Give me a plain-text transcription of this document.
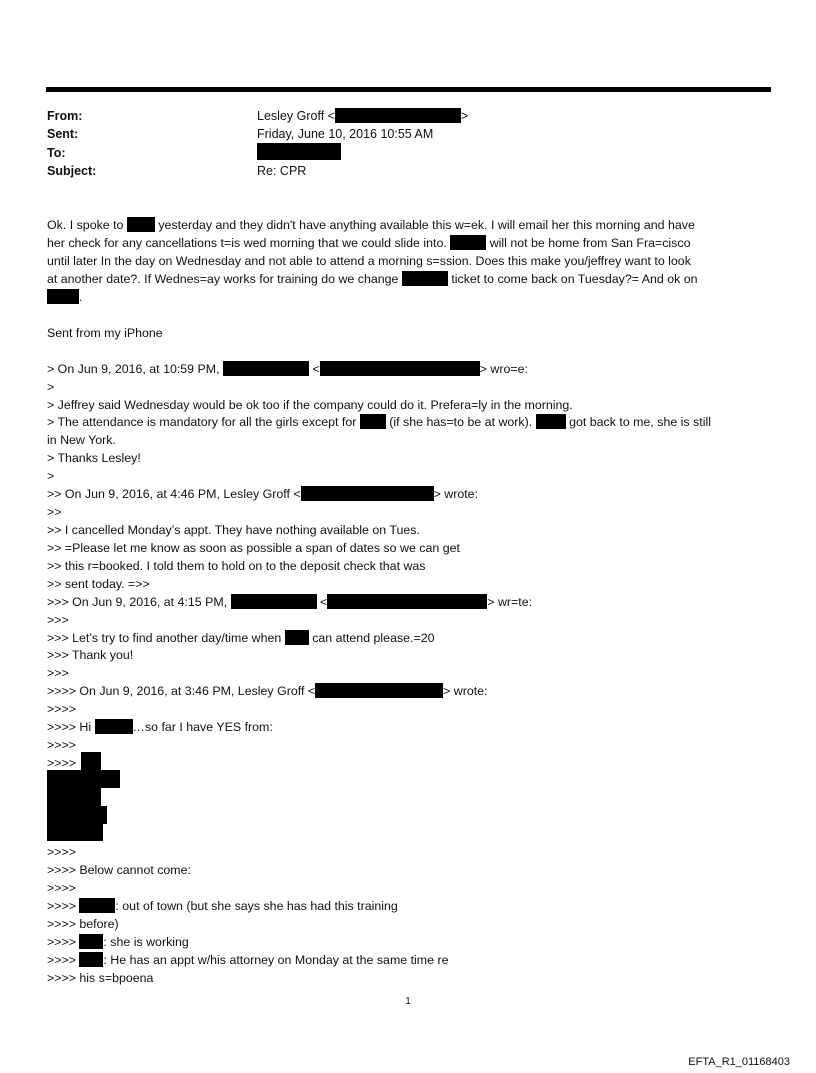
From:	Lesley Groff <	>
Sent:	Friday, June 10, 2016 10:55 AM
To:
Subject:	Re: CPR
Ok. I spoke to	yesterday and they didn't have anything available this w=ek. I will email her this morning and have
her check for any cancellations t=is wed morning that we could slide into.	will not be home from San Fra=cisco
until later In the day on Wednesday and not able to attend a morning s=ssion. Does this make you/jeffrey want to look
at another date?. If Wednes=ay works for training do we change	ticket to come back on Tuesday?= And ok on
.
Sent from my iPhone
> On Jun 9, 2016, at 10:59 PM,	<	> wro=e:
>
> Jeffrey said Wednesday would be ok too if the company could do it. Prefera=ly in the morning.
> The attendance is mandatory for all the girls except for	(if she has=to be at work).	got back to me, she is still
in New York.
> Thanks Lesley!
>
>> On Jun 9, 2016, at 4:46 PM, Lesley Groff <	> wrote:
>>
>> I cancelled Monday’s appt. They have nothing available on Tues.
>> =Please let me know as soon as possible a span of dates so we can get
>> this r=booked. I told them to hold on to the deposit check that was
>> sent today. =>>
>>> On Jun 9, 2016, at 4:15 PM,	<	> wr=te:
>>>
>>> Let’s try to find another day/time when can attend please.=20
>>> Thank you!
>>>
>>>> On Jun 9, 2016, at 3:46 PM, Lesley Groff <	> wrote:
>>>>
>>>> Hi	…so far I have YES from:
>>>>
>>>>
>>>>
>>>> Below cannot come:
>>>>
>>>>	: out of town (but she says she has had this training
>>>> before)
>>>> : she is working
>>>> : He has an appt w/his attorney on Monday at the same time re
>>>> his s=bpoena
1
EFTA_R1_01168403
